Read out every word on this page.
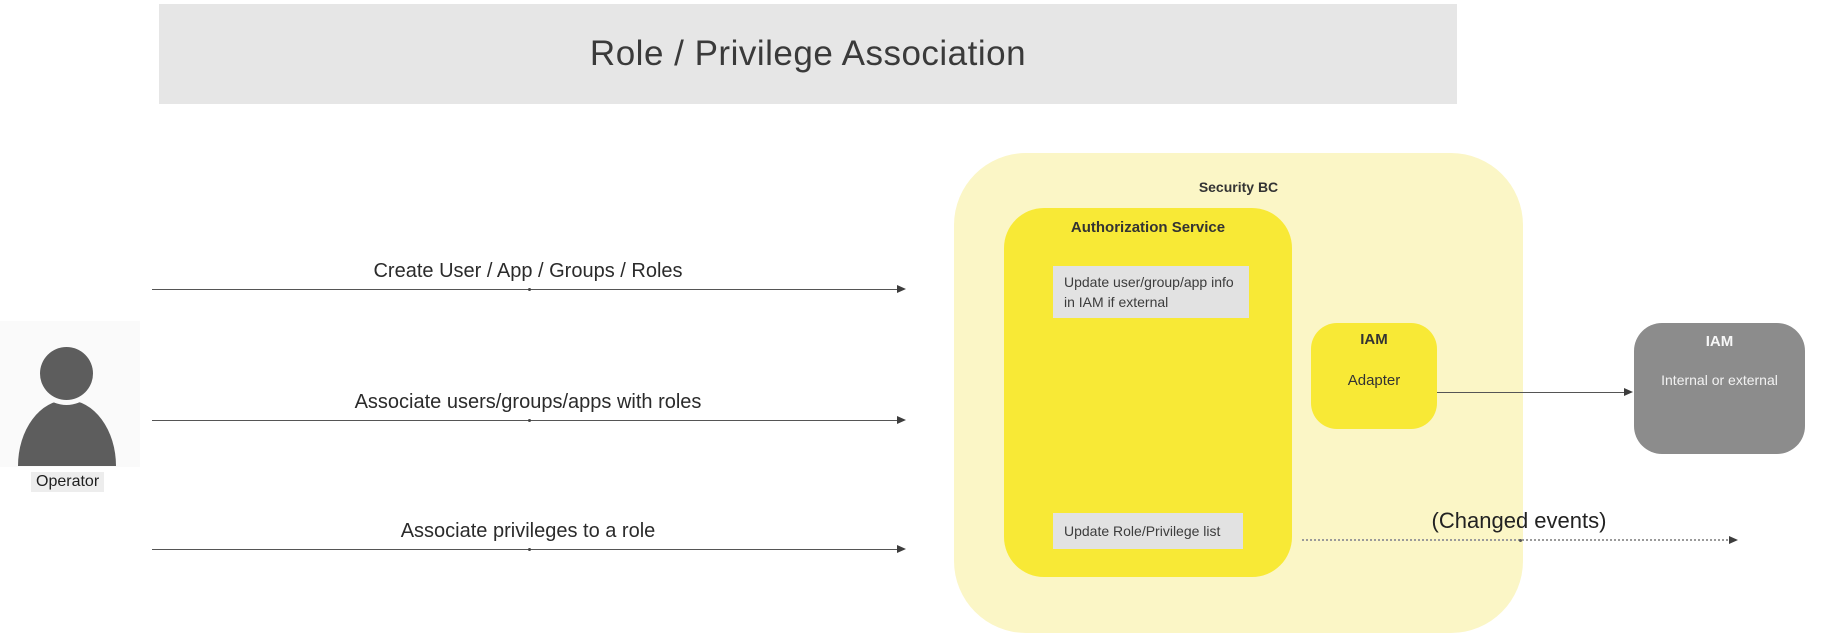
Role / Privilege Association
Operator
Create User / App / Groups / Roles
Associate users/groups/apps with roles
Associate privileges to a role
Security BC
Authorization Service
Update user/group/app info in IAM if external
Update Role/Privilege list
IAM
Adapter
IAM
Internal or external
(Changed events)
